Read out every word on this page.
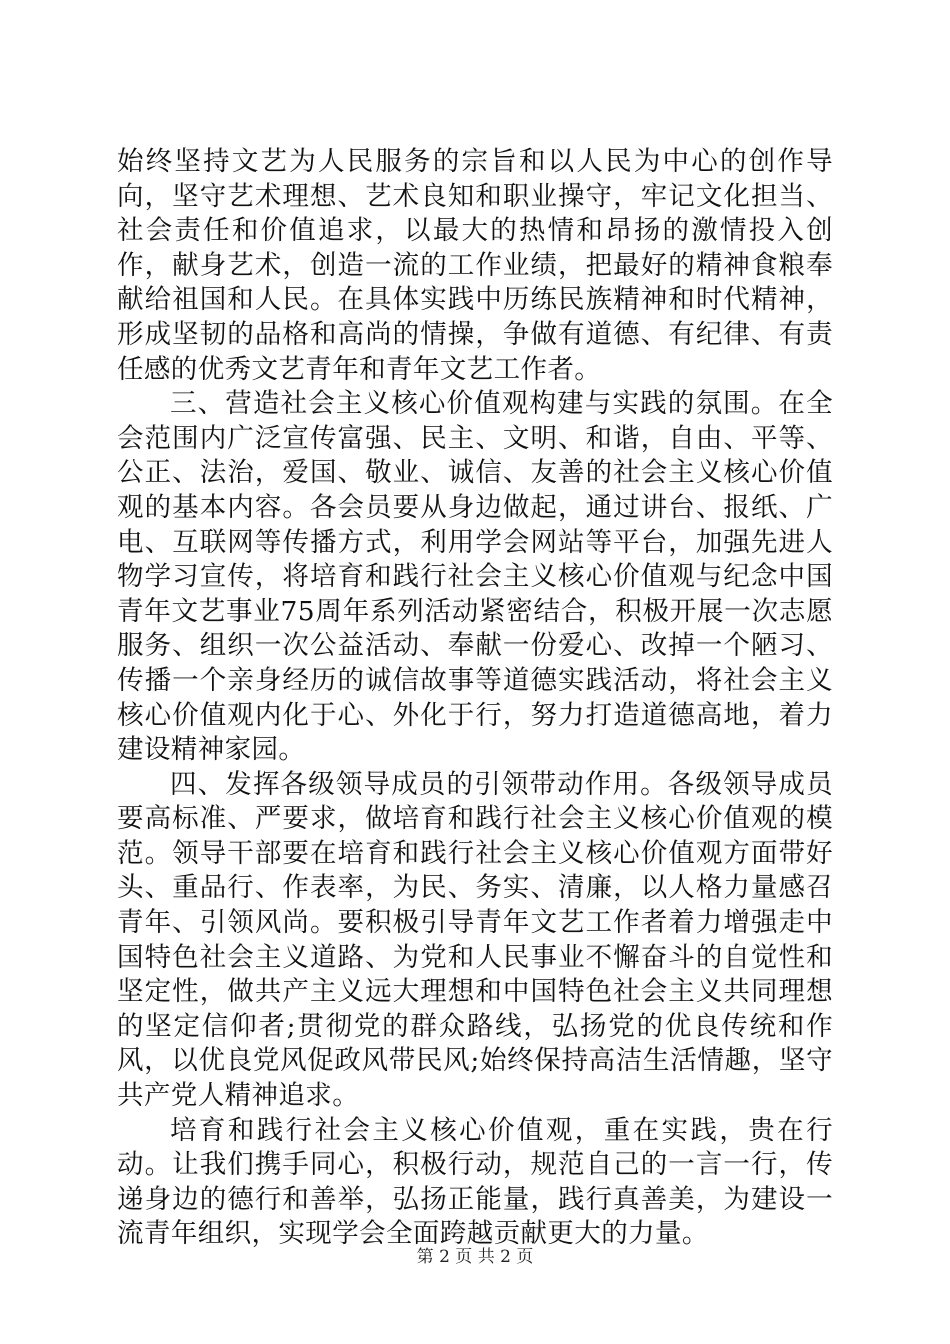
始终坚持文艺为人民服务的宗旨和以人民为中心的创作导向，坚守艺术理想、艺术良知和职业操守，牢记文化担当、社会责任和价值追求，以最大的热情和昂扬的激情投入创作，献身艺术，创造一流的工作业绩，把最好的精神食粮奉献给祖国和人民。在具体实践中历练民族精神和时代精神，形成坚韧的品格和高尚的情操，争做有道德、有纪律、有责任感的优秀文艺青年和青年文艺工作者。

三、营造社会主义核心价值观构建与实践的氛围。在全会范围内广泛宣传富强、民主、文明、和谐，自由、平等、公正、法治，爱国、敬业、诚信、友善的社会主义核心价值观的基本内容。各会员要从身边做起，通过讲台、报纸、广电、互联网等传播方式，利用学会网站等平台，加强先进人物学习宣传，将培育和践行社会主义核心价值观与纪念中国青年文艺事业75周年系列活动紧密结合，积极开展一次志愿服务、组织一次公益活动、奉献一份爱心、改掉一个陋习、传播一个亲身经历的诚信故事等道德实践活动，将社会主义核心价值观内化于心、外化于行，努力打造道德高地，着力建设精神家园。

四、发挥各级领导成员的引领带动作用。各级领导成员要高标准、严要求，做培育和践行社会主义核心价值观的模范。领导干部要在培育和践行社会主义核心价值观方面带好头、重品行、作表率，为民、务实、清廉，以人格力量感召青年、引领风尚。要积极引导青年文艺工作者着力增强走中国特色社会主义道路、为党和人民事业不懈奋斗的自觉性和坚定性，做共产主义远大理想和中国特色社会主义共同理想的坚定信仰者;贯彻党的群众路线，弘扬党的优良传统和作风，以优良党风促政风带民风;始终保持高洁生活情趣，坚守共产党人精神追求。

培育和践行社会主义核心价值观，重在实践，贵在行动。让我们携手同心，积极行动，规范自己的一言一行，传递身边的德行和善举，弘扬正能量，践行真善美，为建设一流青年组织，实现学会全面跨越贡献更大的力量。

第 2 页 共 2 页
